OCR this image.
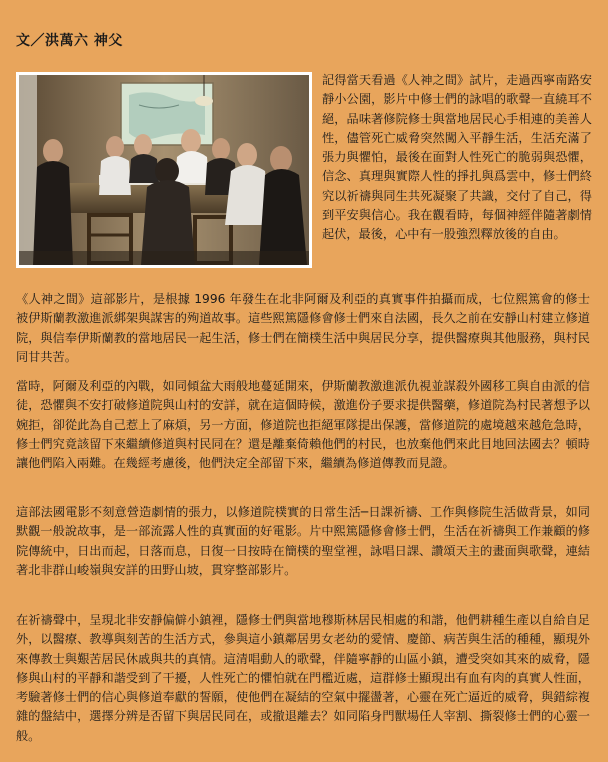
文／洪萬六 神父

記得當天看過《人神之間》試片，走過西寧南路安靜小公園，影片中修士們的詠唱的歌聲一直繞耳不絕，品味著修院修士與當地居民心手相連的美善人性，儘管死亡威脅突然闖入平靜生活，生活充滿了張力與懼怕，最後在面對人性死亡的脆弱與恐懼，信念、真理與實際人性的掙扎與爲雲中，修士們終究以祈禱與同生共死凝聚了共識，交付了自己，得到平安與信心。我在觀看時，每個神經伴隨著劇情起伏，最後，心中有一股強烈釋放後的自由。

《人神之間》這部影片，是根據 1996 年發生在北非阿爾及利亞的真實事件拍攝而成，七位熙篤會的修士被伊斯蘭教激進派綁架與謀害的殉道故事。這些熙篤隱修會修士們來自法國，長久之前在安靜山村建立修道院，與信奉伊斯蘭教的當地居民一起生活，修士們在簡樸生活中與居民分享，提供醫療與其他服務，與村民同甘共苦。

當時，阿爾及利亞的內戰，如同傾盆大雨般地蔓延開來，伊斯蘭教激進派仇視並謀殺外國移工與自由派的信徒，恐懼與不安打破修道院與山村的安詳，就在這個時候，激進份子要求提供醫藥，修道院為村民著想予以婉拒，卻從此為自己惹上了麻煩，另一方面，修道院也拒絕軍隊提出保護，當修道院的處境越來越危急時，修士們究竟該留下來繼續修道與村民同在？還是離棄倚賴他們的村民，也放棄他們來此目地回法國去？頓時讓他們陷入兩難。在幾經考慮後，他們決定全部留下來，繼續為修道傳教而見證。

這部法國電影不刻意營造劇情的張力，以修道院樸實的日常生活─日課祈禱、工作與修院生活做背景，如同默觀一般說故事，是一部流露人性的真實面的好電影。片中熙篤隱修會修士們，生活在祈禱與工作兼顧的修院傳統中，日出而起，日落而息，日復一日按時在簡樸的聖堂裡，詠唱日課、讚頌天主的畫面與歌聲，連結著北非群山峻嶺與安詳的田野山坡，貫穿整部影片。

在祈禱聲中，呈現北非安靜偏僻小鎮裡，隱修士們與當地穆斯林居民相處的和諧，他們耕種生產以自給自足外，以醫療、教導與刻苦的生活方式，參與這小鎮鄰居男女老幼的愛情、慶節、病苦與生活的種種，顯現外來傳教士與艱苦居民休戚與共的真情。這清唱動人的歌聲，伴隨寧靜的山區小鎮，遭受突如其來的威脅，隱修與山村的平靜和諧受到了干擾，人性死亡的懼怕就在門檻近處，這群修士顯現出有血有肉的真實人性面，考驗著修士們的信心與修道奉獻的誓願，使他們在凝結的空氣中擺盪著，心靈在死亡逼近的威脅，與錯綜複雜的盤結中，選擇分辨是否留下與居民同在，或撤退離去？如同陷身門獸場任人宰割、撕裂修士們的心靈一般。
